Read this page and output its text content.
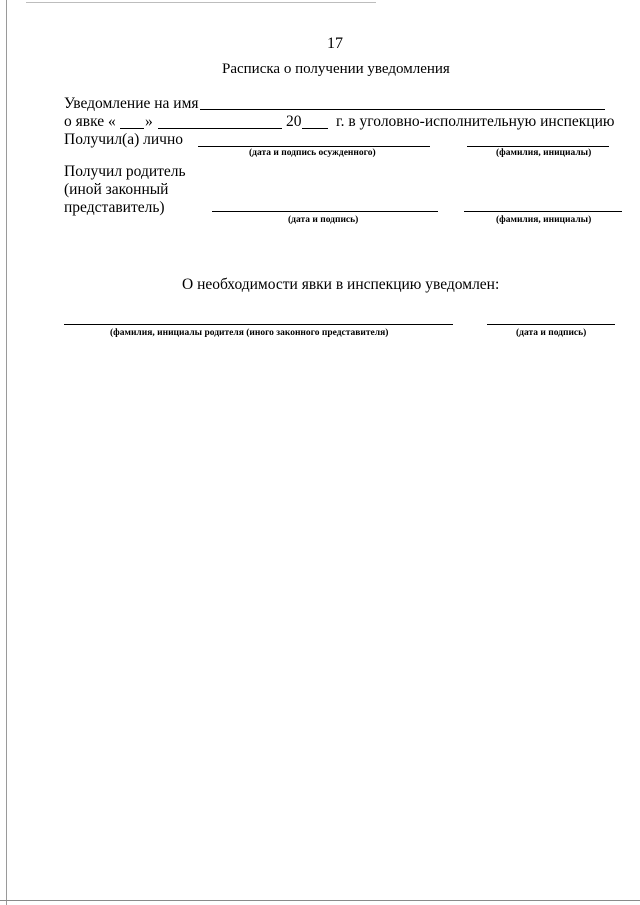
17
Расписка о получении уведомления
Уведомление на имя
о явке « »	20 г. в уголовно-исполнительную инспекцию
Получил(а) лично
(дата и подпись осужденного)	(фамилия, инициалы)
Получил родитель
(иной законный
представитель)
(дата и подпись)	(фамилия, инициалы)
О необходимости явки в инспекцию уведомлен:
(фамилия, инициалы родителя (иного законного представителя)	(дата и подпись)
